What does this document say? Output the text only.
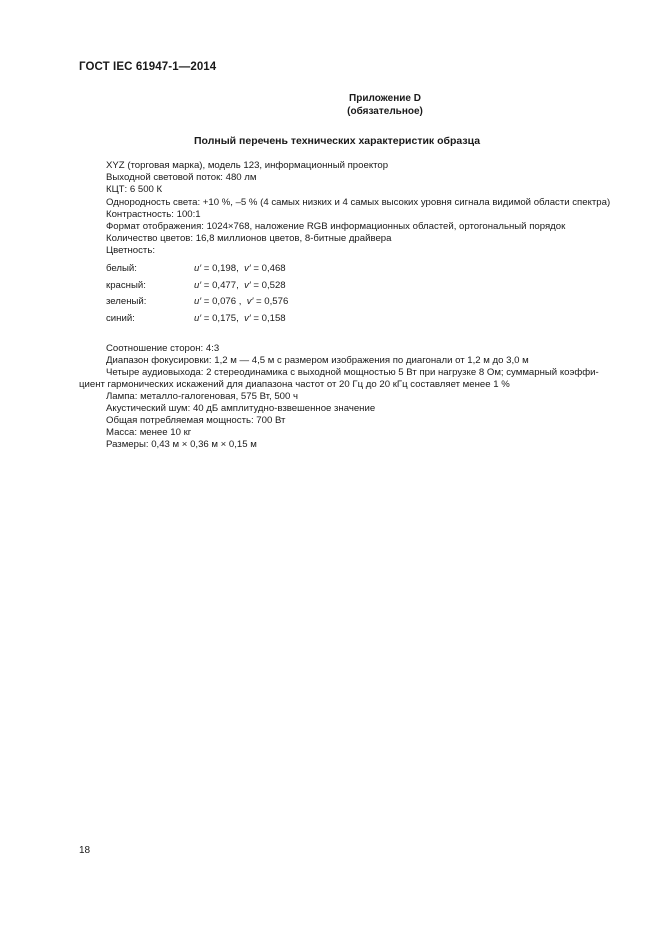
ГОСТ IEC 61947-1—2014
Приложение D
(обязательное)
Полный перечень технических характеристик образца
XYZ (торговая марка), модель 123, информационный проектор
Выходной световой поток: 480 лм
КЦТ: 6 500 К
Однородность света: +10 %, –5 % (4 самых низких и 4 самых высоких уровня сигнала видимой области спектра)
Контрастность: 100:1
Формат отображения: 1024×768, наложение RGB информационных областей, ортогональный порядок
Количество цветов: 16,8 миллионов цветов, 8-битные драйвера
Цветность:
белый:	u′ = 0,198, v′ = 0,468
красный:	u′ = 0,477, v′ = 0,528
зеленый:	u′ = 0,076 , v′ = 0,576
синий:	u′ = 0,175, v′ = 0,158
Соотношение сторон: 4:3
Диапазон фокусировки: 1,2 м — 4,5 м с размером изображения по диагонали от 1,2 м до 3,0 м
Четыре аудиовыхода: 2 стереодинамика с выходной мощностью 5 Вт при нагрузке 8 Ом; суммарный коэффи-
циент гармонических искажений для диапазона частот от 20 Гц до 20 кГц составляет менее 1 %
Лампа: металло-галогеновая, 575 Вт, 500 ч
Акустический шум: 40 дБ амплитудно-взвешенное значение
Общая потребляемая мощность: 700 Вт
Масса: менее 10 кг
Размеры: 0,43 м × 0,36 м × 0,15 м
18
